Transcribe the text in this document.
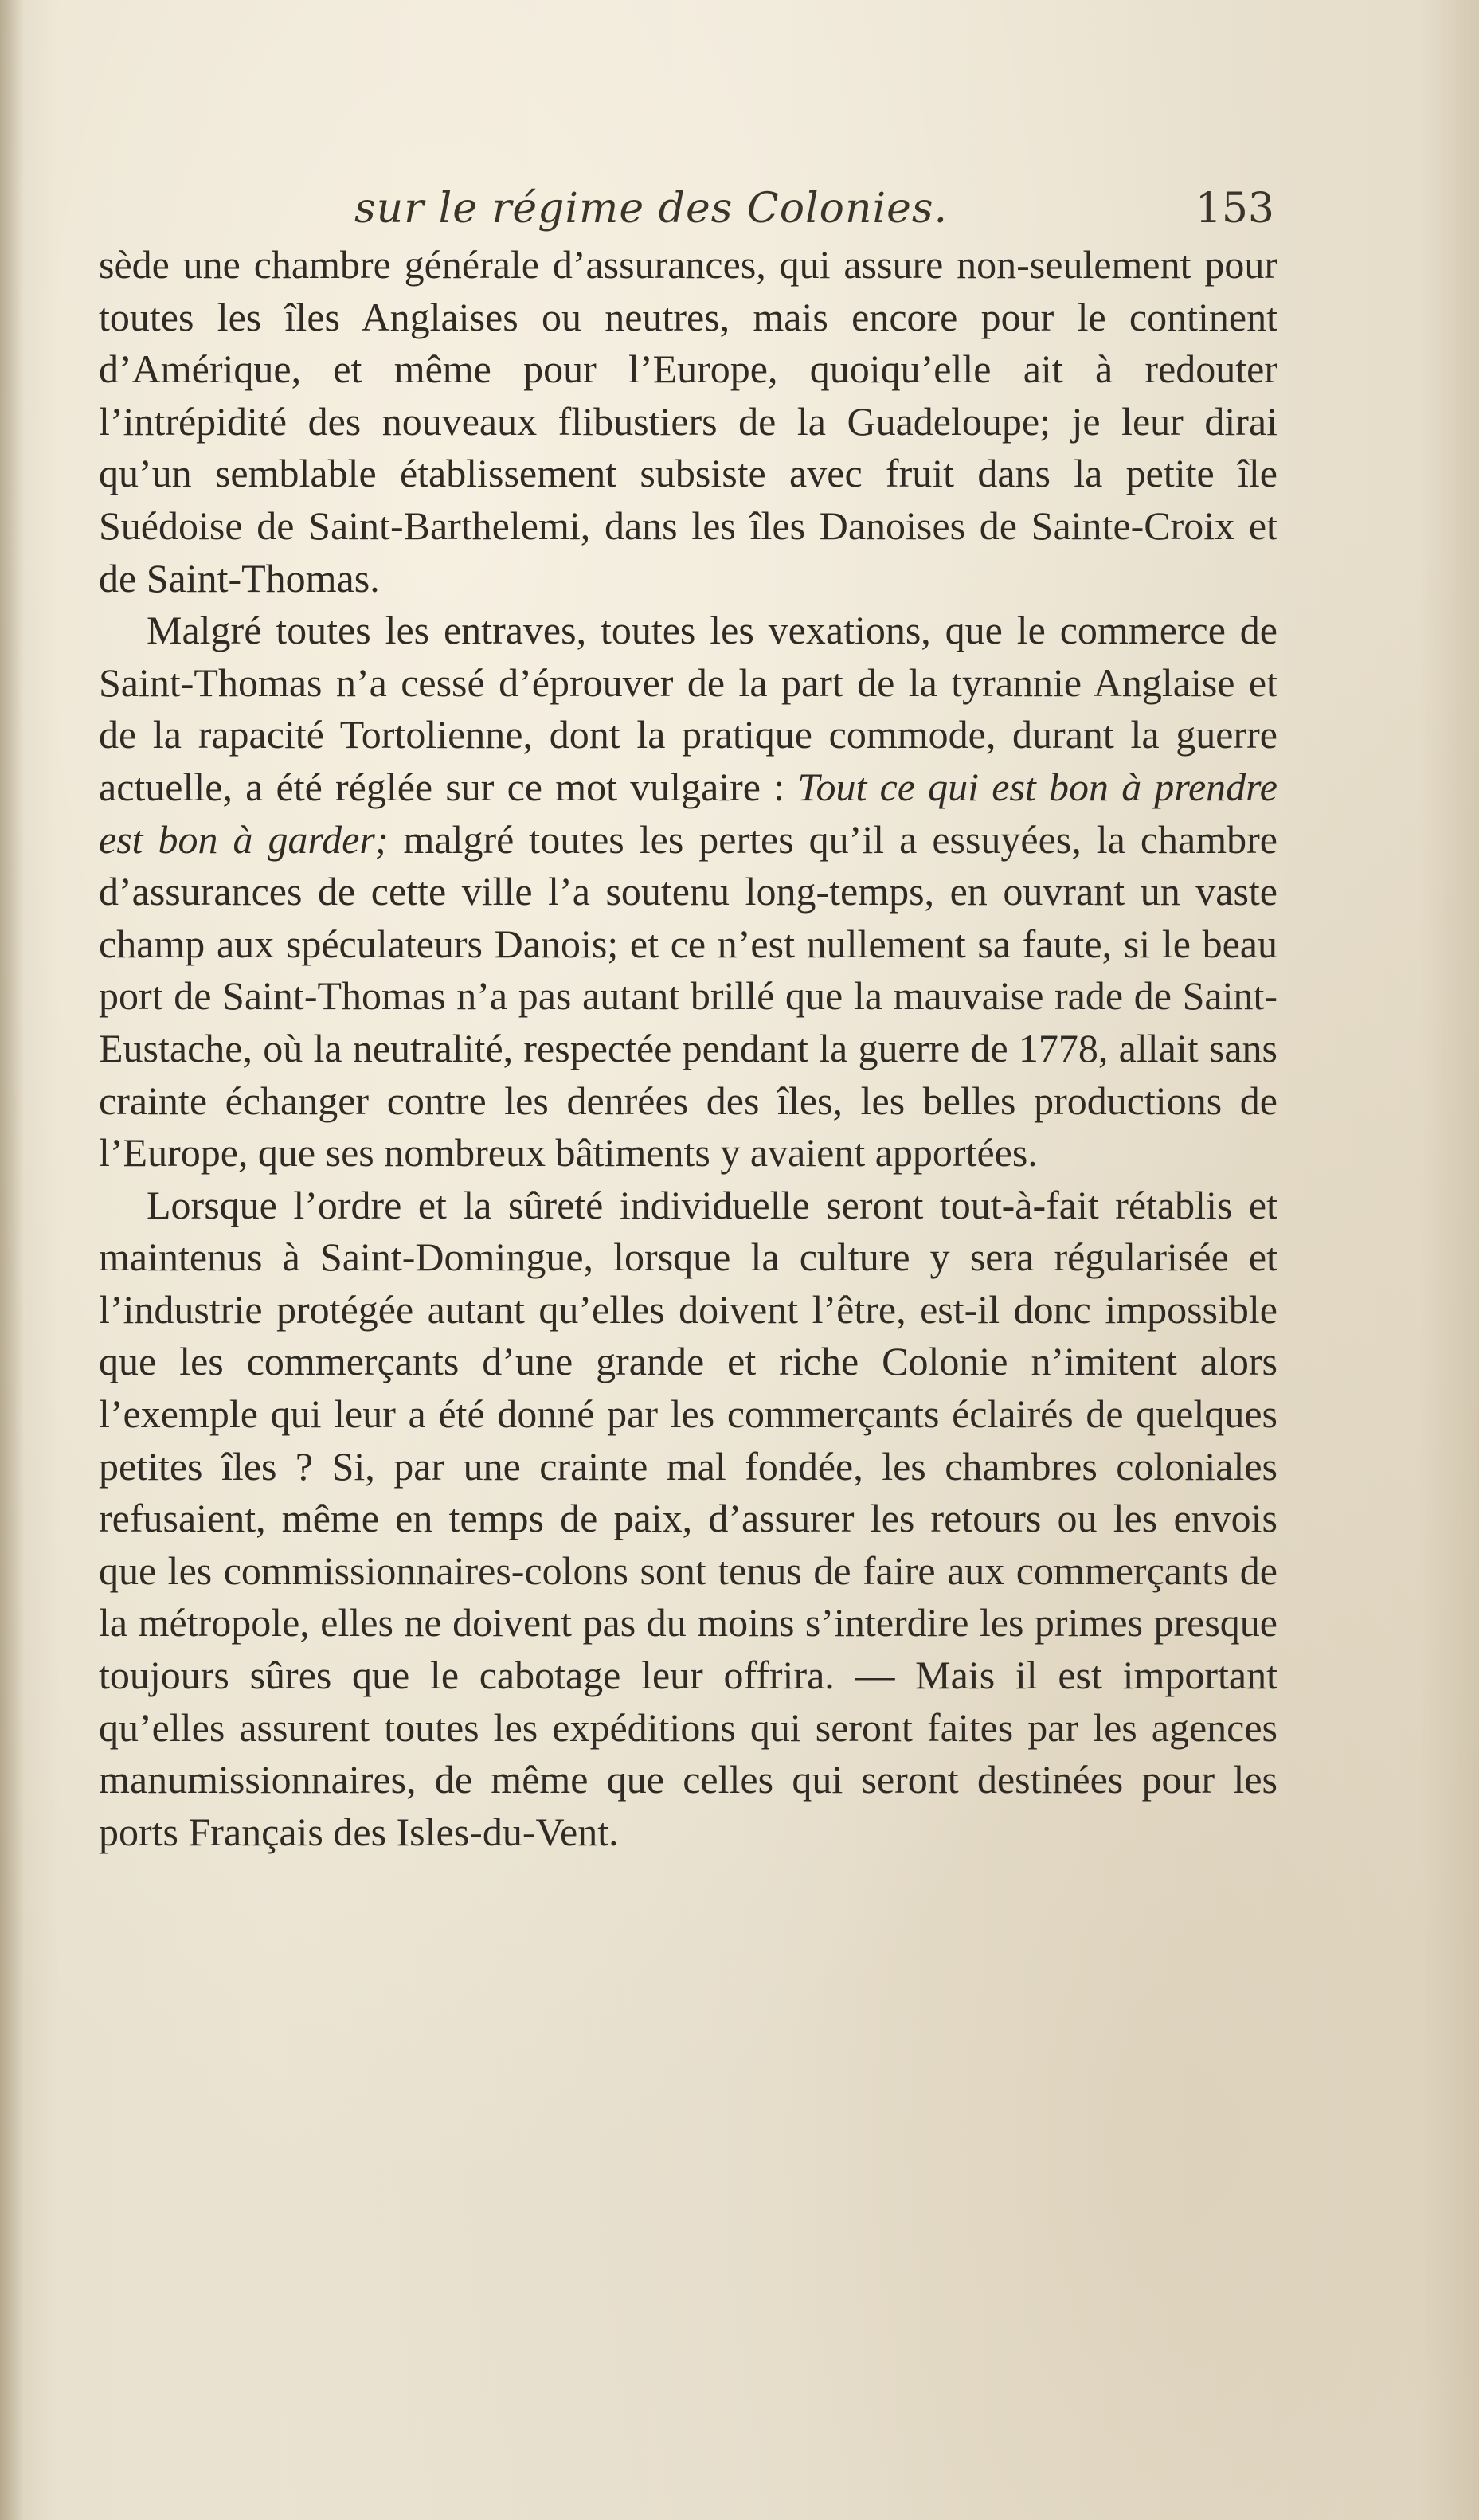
sur le régime des Colonies.	153

sède une chambre générale d’assurances, qui assure non-seulement pour toutes les îles Anglaises ou neutres, mais encore pour le continent d’Amérique, et même pour l’Europe, quoiqu’elle ait à redouter l’intrépidité des nouveaux flibustiers de la Guadeloupe; je leur dirai qu’un semblable établissement subsiste avec fruit dans la petite île Suédoise de Saint-Barthelemi, dans les îles Danoises de Sainte-Croix et de Saint-Thomas.

Malgré toutes les entraves, toutes les vexations, que le commerce de Saint-Thomas n’a cessé d’éprouver de la part de la tyrannie Anglaise et de la rapacité Tortolienne, dont la pratique commode, durant la guerre actuelle, a été réglée sur ce mot vulgaire : Tout ce qui est bon à prendre est bon à garder; malgré toutes les pertes qu’il a essuyées, la chambre d’assurances de cette ville l’a soutenu long-temps, en ouvrant un vaste champ aux spéculateurs Danois; et ce n’est nullement sa faute, si le beau port de Saint-Thomas n’a pas autant brillé que la mauvaise rade de Saint-Eustache, où la neutralité, respectée pendant la guerre de 1778, allait sans crainte échanger contre les denrées des îles, les belles productions de l’Europe, que ses nombreux bâtiments y avaient apportées.

Lorsque l’ordre et la sûreté individuelle seront tout-à-fait rétablis et maintenus à Saint-Domingue, lorsque la culture y sera régularisée et l’industrie protégée autant qu’elles doivent l’être, est-il donc impossible que les commerçants d’une grande et riche Colonie n’imitent alors l’exemple qui leur a été donné par les commerçants éclairés de quelques petites îles ? Si, par une crainte mal fondée, les chambres coloniales refusaient, même en temps de paix, d’assurer les retours ou les envois que les commissionnaires-colons sont tenus de faire aux commerçants de la métropole, elles ne doivent pas du moins s’interdire les primes presque toujours sûres que le cabotage leur offrira. — Mais il est important qu’elles assurent toutes les expéditions qui seront faites par les agences manumissionnaires, de même que celles qui seront destinées pour les ports Français des Isles-du-Vent.
